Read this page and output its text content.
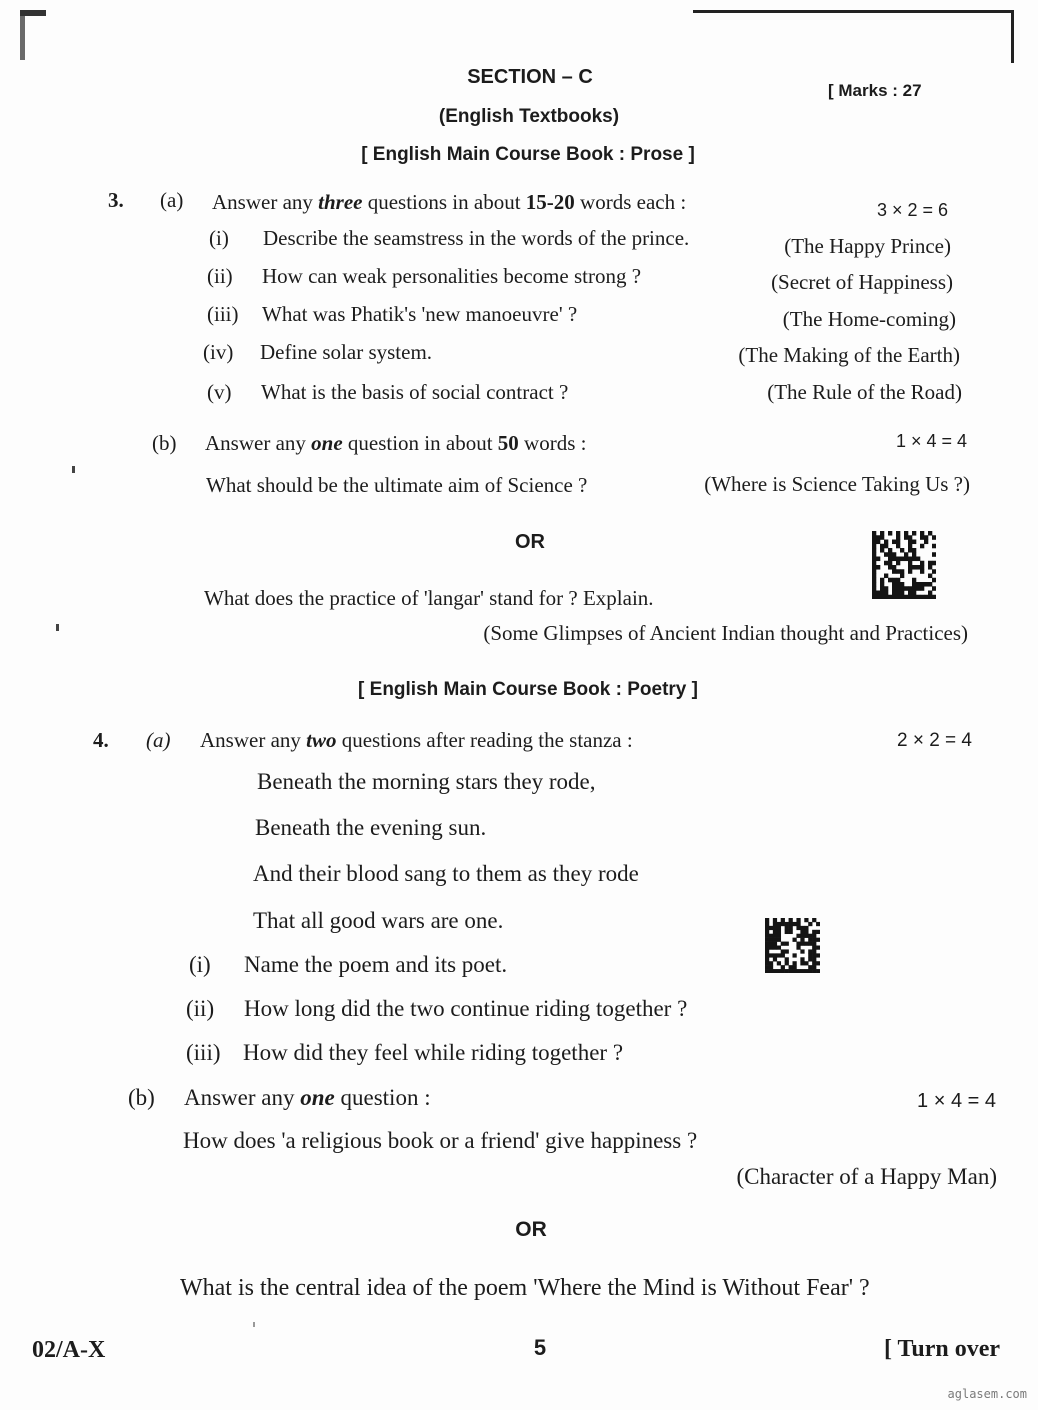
SECTION – C
[ Marks : 27
(English Textbooks)
[ English Main Course Book : Prose ]
3. (a) Answer any three questions in about 15-20 words each :	3 × 2 = 6
(i) Describe the seamstress in the words of the prince.	(The Happy Prince)
(ii) How can weak personalities become strong ?	(Secret of Happiness)
(iii) What was Phatik's 'new manoeuvre' ?	(The Home-coming)
(iv) Define solar system.	(The Making of the Earth)
(v) What is the basis of social contract ?	(The Rule of the Road)
(b) Answer any one question in about 50 words :	1 × 4 = 4
What should be the ultimate aim of Science ?	(Where is Science Taking Us ?)
OR
What does the practice of 'langar' stand for ? Explain.
(Some Glimpses of Ancient Indian thought and Practices)
[ English Main Course Book : Poetry ]
4. (a) Answer any two questions after reading the stanza :	2 × 2 = 4
Beneath the morning stars they rode,
Beneath the evening sun.
And their blood sang to them as they rode
That all good wars are one.
(i) Name the poem and its poet.
(ii) How long did the two continue riding together ?
(iii) How did they feel while riding together ?
(b) Answer any one question :	1 × 4 = 4
How does 'a religious book or a friend' give happiness ?
(Character of a Happy Man)
OR
What is the central idea of the poem 'Where the Mind is Without Fear' ?
02/A-X	5	[ Turn over
aglasem.com
